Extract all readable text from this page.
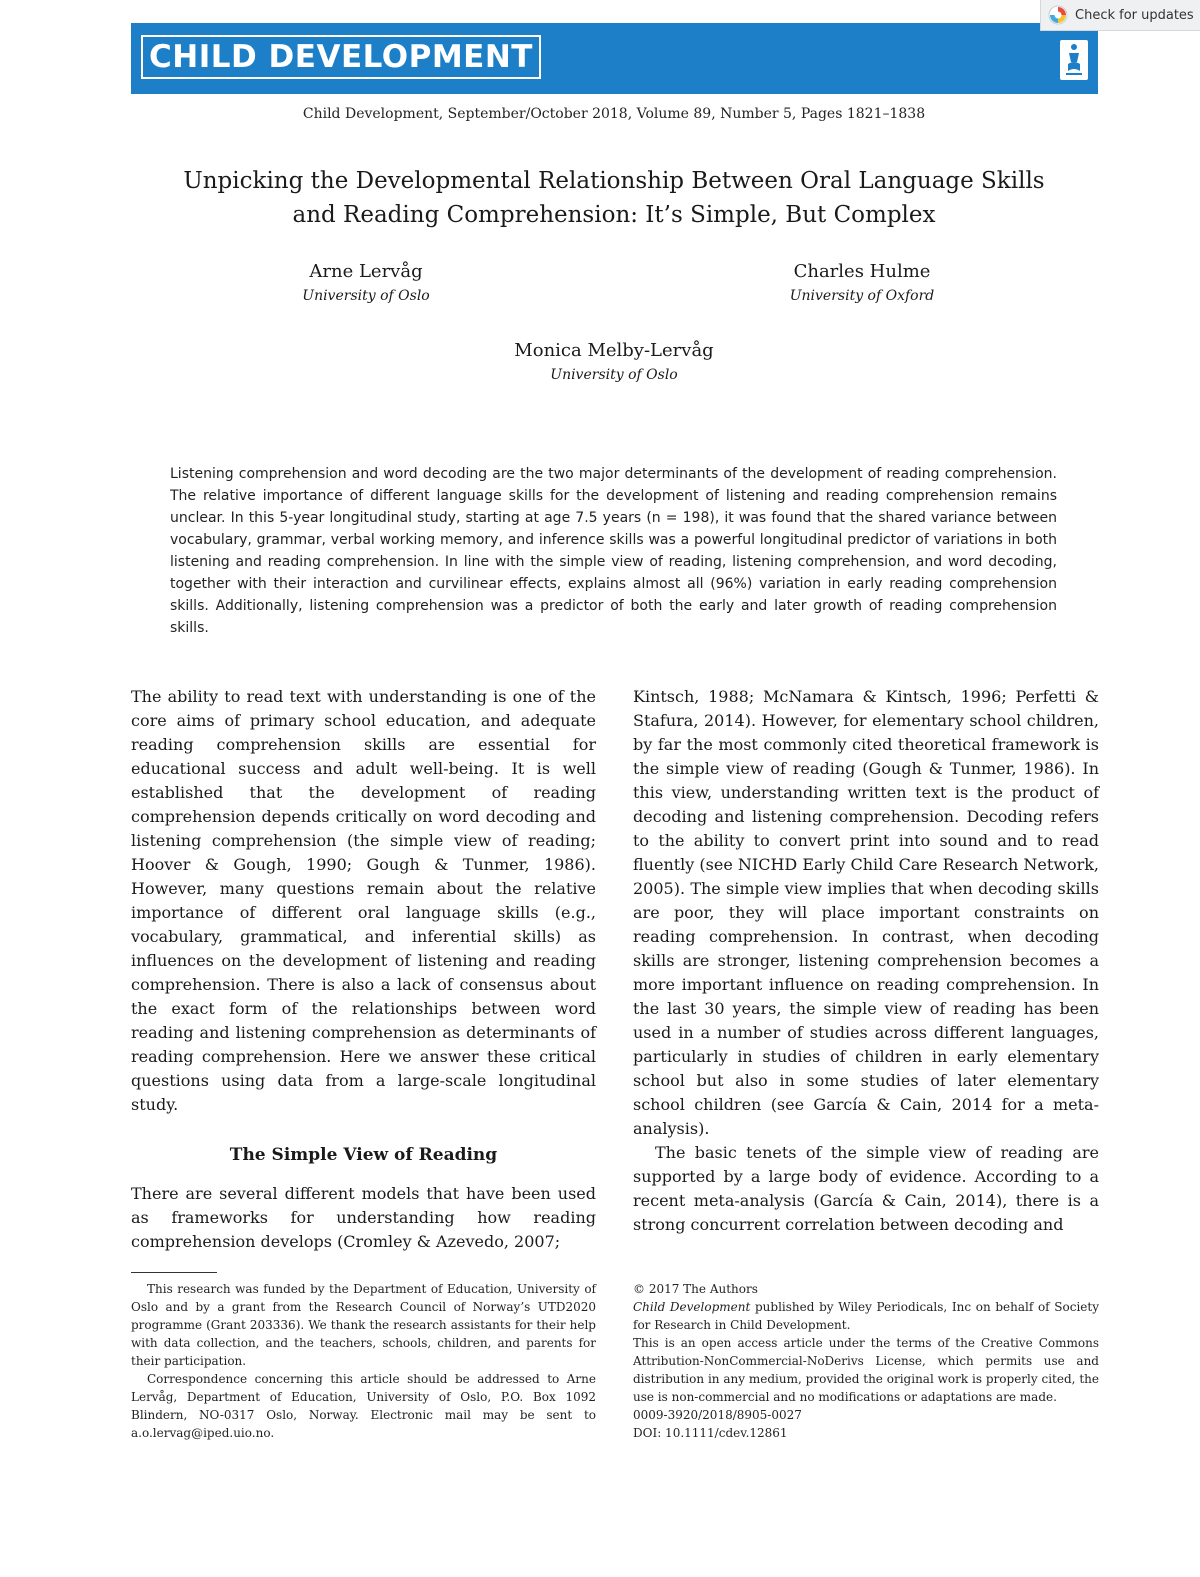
CHILD DEVELOPMENT
Check for updates
Child Development, September/October 2018, Volume 89, Number 5, Pages 1821–1838
Unpicking the Developmental Relationship Between Oral Language Skills
and Reading Comprehension: It’s Simple, But Complex
Arne Lervåg
University of Oslo
Charles Hulme
University of Oxford
Monica Melby-Lervåg
University of Oslo
Listening comprehension and word decoding are the two major determinants of the development of reading comprehension. The relative importance of different language skills for the development of listening and reading comprehension remains unclear. In this 5-year longitudinal study, starting at age 7.5 years (n = 198), it was found that the shared variance between vocabulary, grammar, verbal working memory, and inference skills was a powerful longitudinal predictor of variations in both listening and reading comprehension. In line with the simple view of reading, listening comprehension, and word decoding, together with their interaction and curvilinear effects, explains almost all (96%) variation in early reading comprehension skills. Additionally, listening comprehension was a predictor of both the early and later growth of reading comprehension skills.

The ability to read text with understanding is one of the core aims of primary school education, and adequate reading comprehension skills are essential for educational success and adult well-being. It is well established that the development of reading comprehension depends critically on word decoding and listening comprehension (the simple view of reading; Hoover & Gough, 1990; Gough & Tunmer, 1986). However, many questions remain about the relative importance of different oral language skills (e.g., vocabulary, grammatical, and inferential skills) as influences on the development of listening and reading comprehension. There is also a lack of consensus about the exact form of the relationships between word reading and listening comprehension as determinants of reading comprehension. Here we answer these critical questions using data from a large-scale longitudinal study.

The Simple View of Reading

There are several different models that have been used as frameworks for understanding how reading comprehension develops (Cromley & Azevedo, 2007;

Kintsch, 1988; McNamara & Kintsch, 1996; Perfetti & Stafura, 2014). However, for elementary school children, by far the most commonly cited theoretical framework is the simple view of reading (Gough & Tunmer, 1986). In this view, understanding written text is the product of decoding and listening comprehension. Decoding refers to the ability to convert print into sound and to read fluently (see NICHD Early Child Care Research Network, 2005). The simple view implies that when decoding skills are poor, they will place important constraints on reading comprehension. In contrast, when decoding skills are stronger, listening comprehension becomes a more important influence on reading comprehension. In the last 30 years, the simple view of reading has been used in a number of studies across different languages, particularly in studies of children in early elementary school but also in some studies of later elementary school children (see García & Cain, 2014 for a meta-analysis).

The basic tenets of the simple view of reading are supported by a large body of evidence. According to a recent meta-analysis (García & Cain, 2014), there is a strong concurrent correlation between decoding and

This research was funded by the Department of Education, University of Oslo and by a grant from the Research Council of Norway’s UTD2020 programme (Grant 203336). We thank the research assistants for their help with data collection, and the teachers, schools, children, and parents for their participation.

Correspondence concerning this article should be addressed to Arne Lervåg, Department of Education, University of Oslo, P.O. Box 1092 Blindern, NO-0317 Oslo, Norway. Electronic mail may be sent to a.o.lervag@iped.uio.no.

© 2017 The Authors

Child Development published by Wiley Periodicals, Inc on behalf of Society for Research in Child Development.

This is an open access article under the terms of the Creative Commons Attribution-NonCommercial-NoDerivs License, which permits use and distribution in any medium, provided the original work is properly cited, the use is non-commercial and no modifications or adaptations are made.

0009-3920/2018/8905-0027

DOI: 10.1111/cdev.12861
